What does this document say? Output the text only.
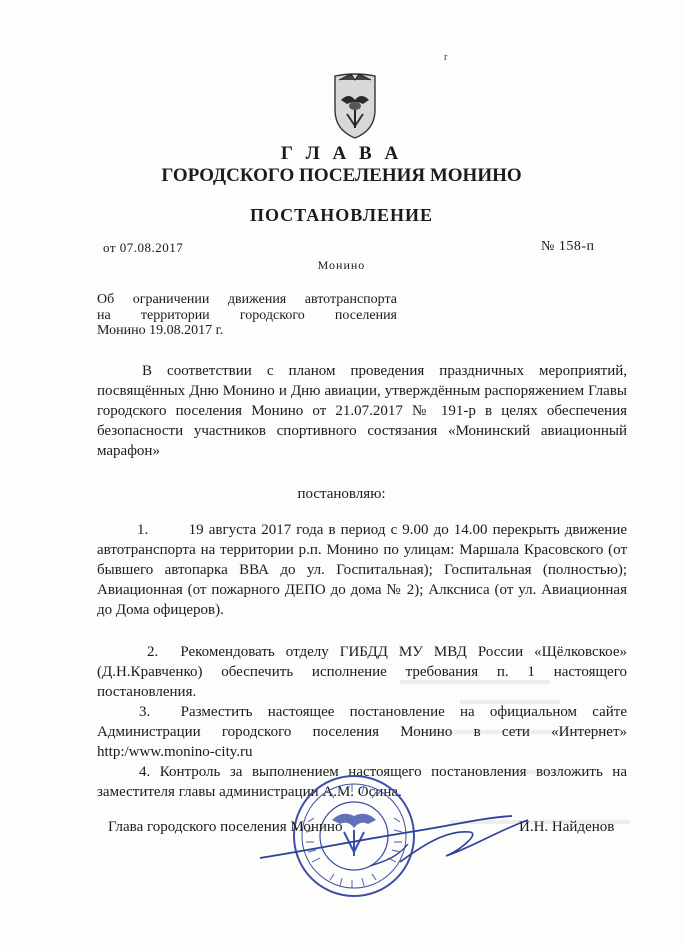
r
Г Л А В А
ГОРОДСКОГО ПОСЕЛЕНИЯ МОНИНО
ПОСТАНОВЛЕНИЕ
от 07.08.2017	№ 158-п
Монино
Об ограничении движения автотранспорта
на территории городского поселения
Монино 19.08.2017 г.
В соответствии с планом проведения праздничных мероприятий, посвящённых Дню Монино и Дню авиации, утверждённым распоряжением Главы городского поселения Монино от 21.07.2017 № 191-р в целях обеспечения безопасности участников спортивного состязания «Монинский авиационный марафон»
постановляю:
1.        19 августа 2017 года в период с 9.00 до 14.00 перекрыть движение автотранспорта на территории р.п. Монино по улицам: Маршала Красовского (от бывшего автопарка ВВА до ул. Госпитальная); Госпитальная (полностью); Авиационная (от пожарного ДЕПО до дома № 2); Алксниса (от ул. Авиационная до Дома офицеров).
2.  Рекомендовать отделу ГИБДД МУ МВД России «Щёлковское» (Д.Н.Кравченко) обеспечить исполнение требования п. 1 настоящего постановления.
3.  Разместить настоящее постановление на официальном сайте Администрации городского поселения Монино в сети «Интернет» http:/www.monino-city.ru
4. Контроль за выполнением настоящего постановления возложить на заместителя главы администрации А.М. Осина.
Глава городского поселения Монино	И.Н. Найденов
